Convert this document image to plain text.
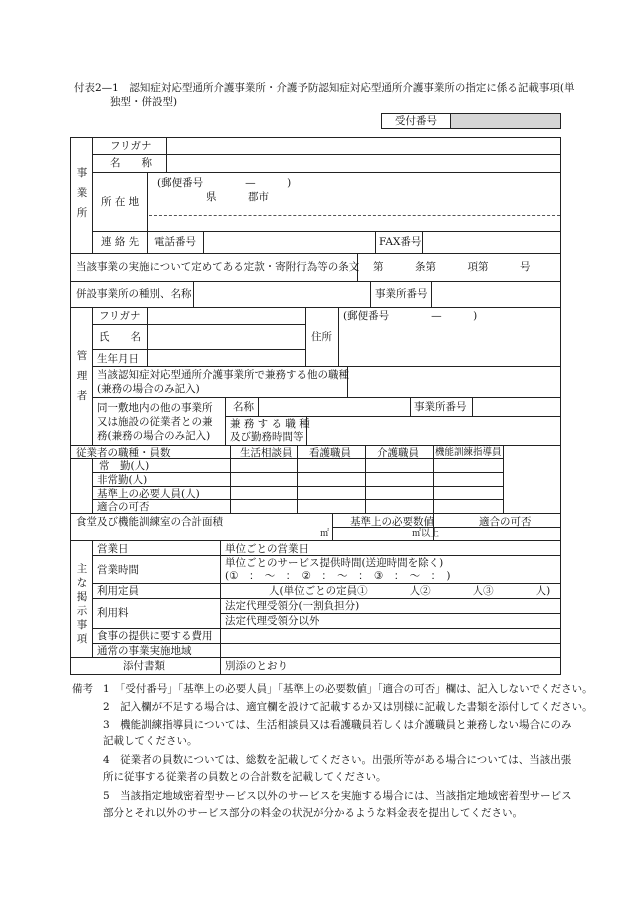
付表2—1　認知症対応型通所介護事業所・介護予防認知症対応型通所介護事業所の指定に係る記載事項(単
独型・併設型)
受付番号
事業所
フリガナ
名　　称
所 在 地
(郵便番号　　　　—　　　)
県　　　郡市
連 絡 先 電話番号	FAX番号
当該事業の実施について定めてある定款・寄附行為等の条文 第　　　条第　　　項第　　　号
併設事業所の種別、名称	事業所番号
管理者
フリガナ
氏　　名
生年月日
住所
(郵便番号　　　　—　　　)
当該認知症対応型通所介護事業所で兼務する他の職種
(兼務の場合のみ記入)
同一敷地内の他の事業所
又は施設の従業者との兼
務(兼務の場合のみ記入)
名称	事業所番号
兼 務 す る 職 種
及び勤務時間等
従業者の職種・員数	生活相談員 看護職員 介護職員 機能訓練指導員
常　勤(人)
非常勤(人)
基準上の必要人員(人)
適合の可否
食堂及び機能訓練室の合計面積	基準上の必要数値	適合の可否
㎡	㎡以上
主な掲示事項
営業日	単位ごとの営業日
営業時間
単位ごとのサービス提供時間(送迎時間を除く)
(①　：　～　：　②　：　～　：　③　：　～　：　)
利用定員	人(単位ごとの定員①　　　　人②　　　　人③　　　　人)
利用料
法定代理受領分(一割負担分)
法定代理受領分以外
食事の提供に要する費用
通常の事業実施地域
添付書類	別添のとおり
備考 1　「受付番号」「基準上の必要人員」「基準上の必要数値」「適合の可否」欄は、記入しないでください。
2　記入欄が不足する場合は、適宜欄を設けて記載するか又は別様に記載した書類を添付してください。
3　機能訓練指導員については、生活相談員又は看護職員若しくは介護職員と兼務しない場合にのみ
記載してください。
4　従業者の員数については、総数を記載してください。出張所等がある場合については、当該出張
所に従事する従業者の員数との合計数を記載してください。
5　当該指定地域密着型サービス以外のサービスを実施する場合には、当該指定地域密着型サービス
部分とそれ以外のサービス部分の料金の状況が分かるような料金表を提出してください。
